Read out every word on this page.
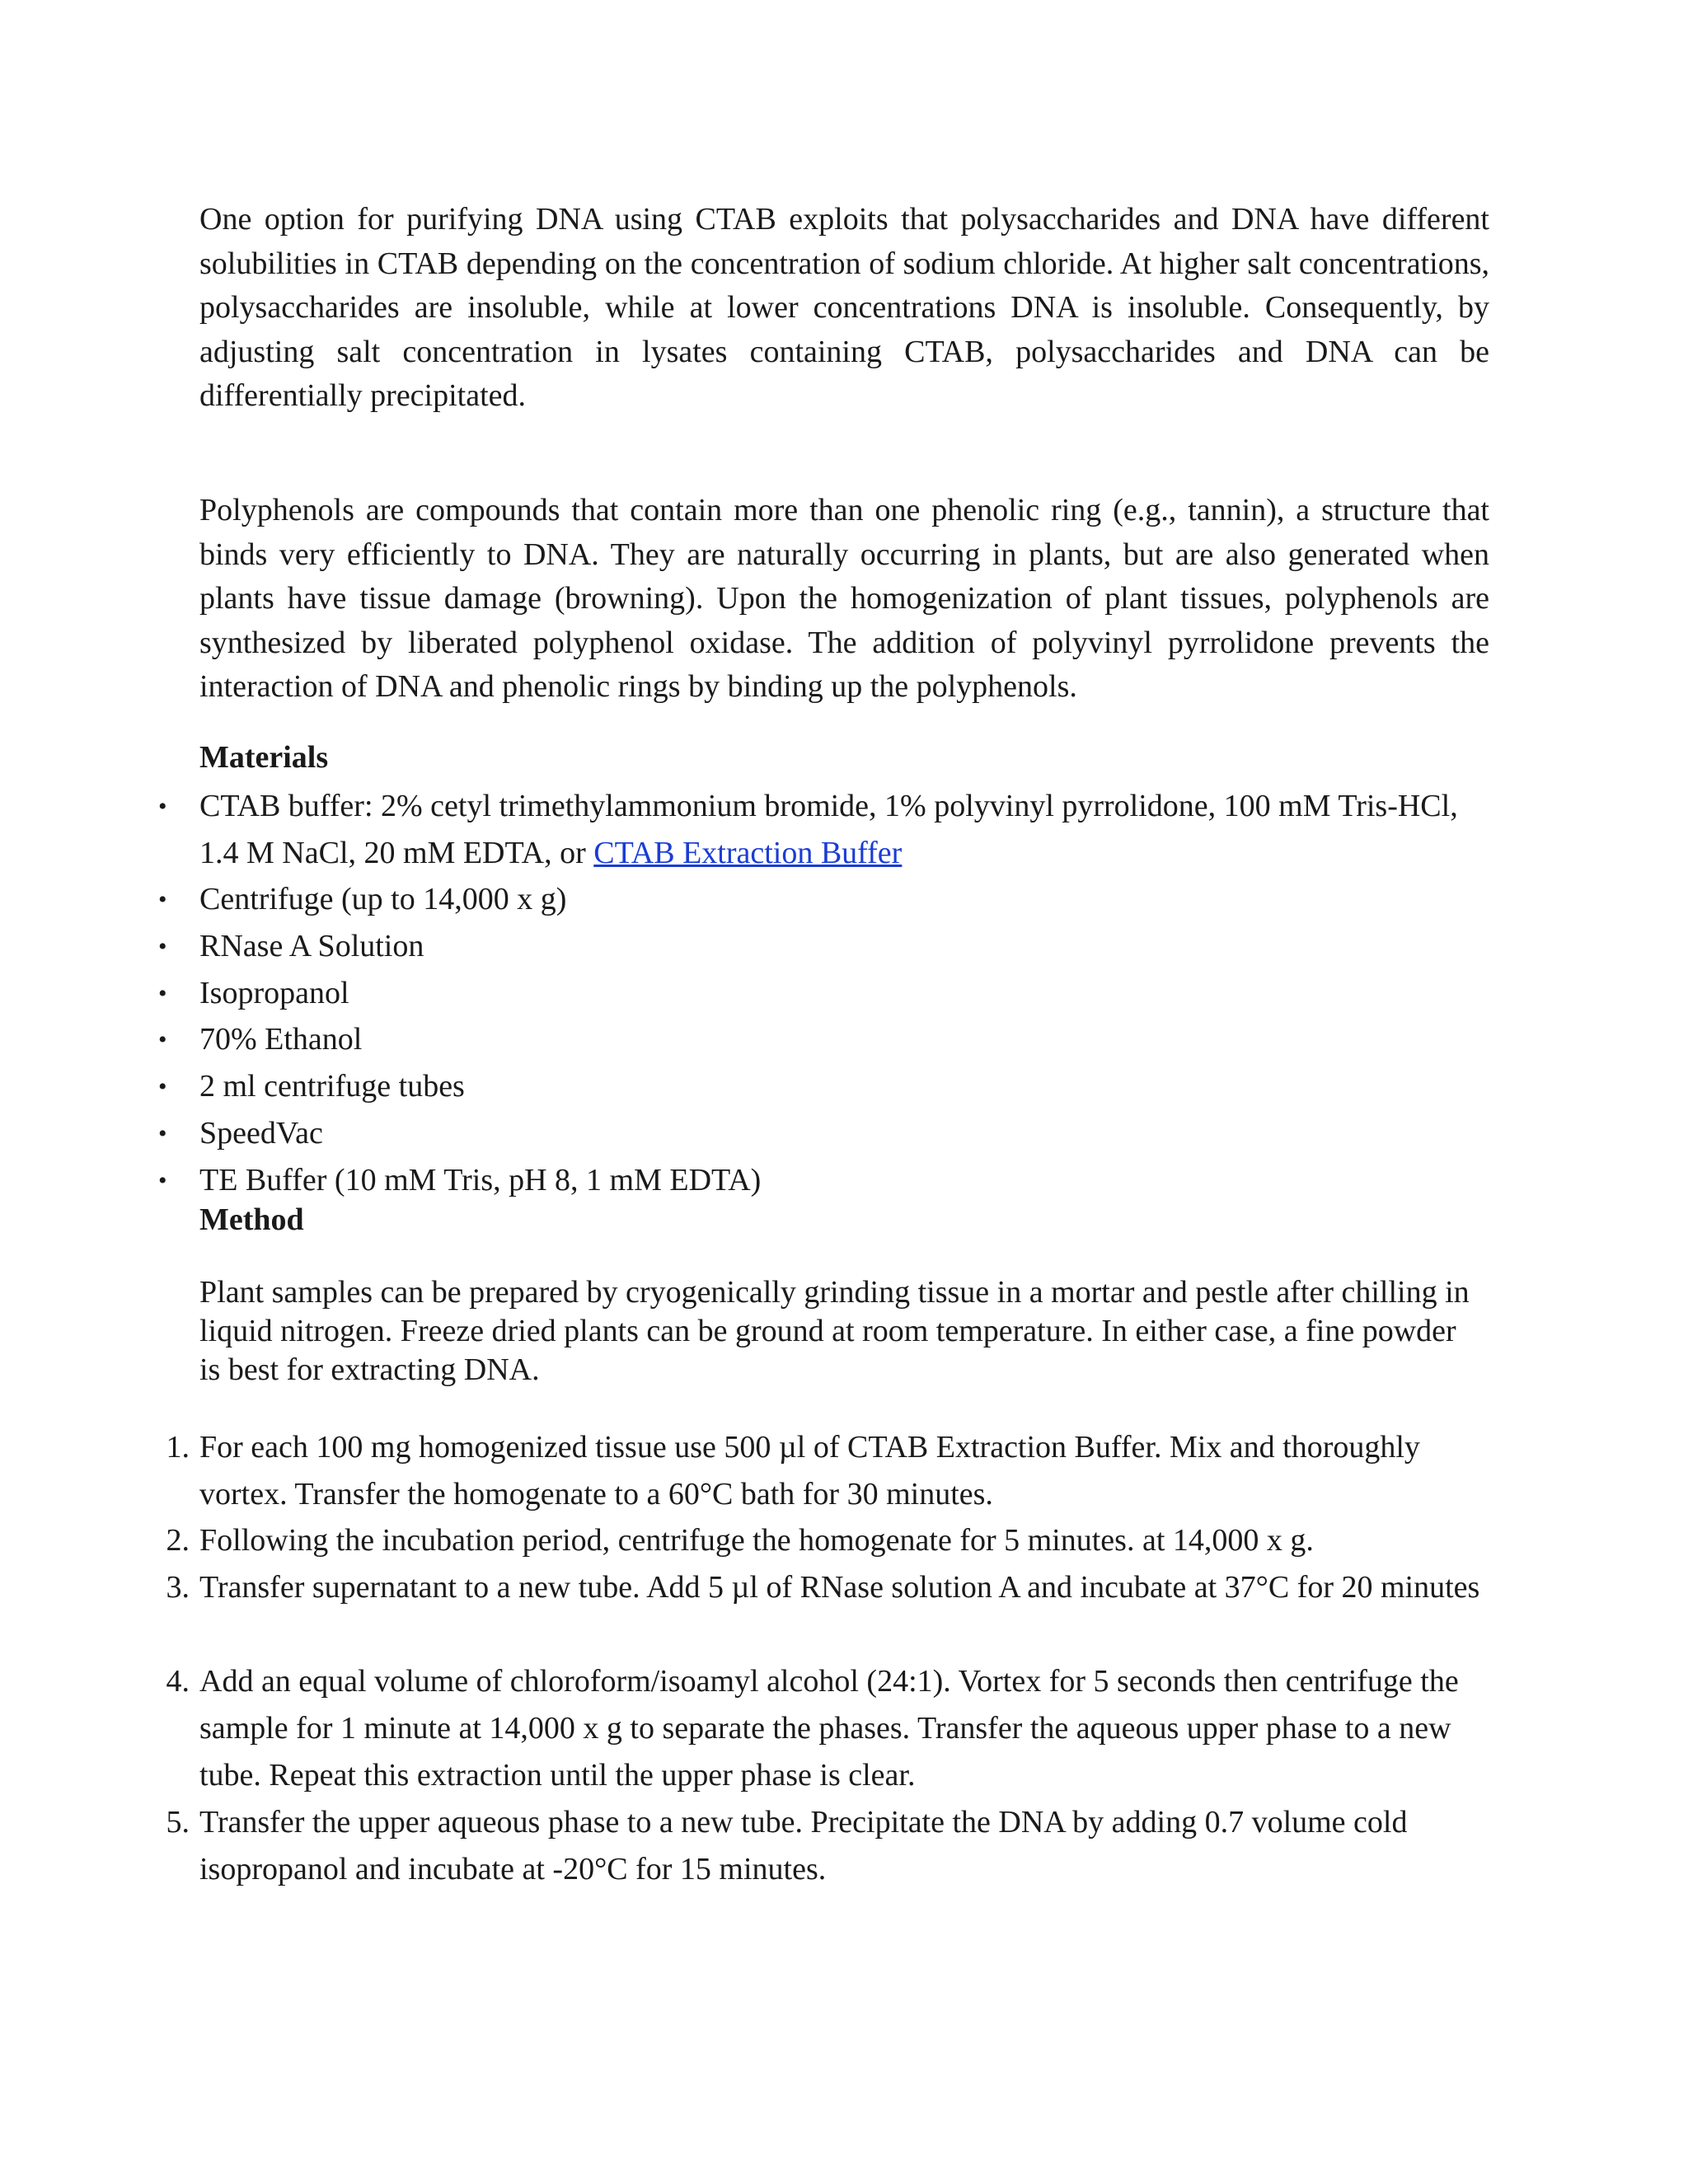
One option for purifying DNA using CTAB exploits that polysaccharides and DNA have different solubilities in CTAB depending on the concentration of sodium chloride. At higher salt concentrations, polysaccharides are insoluble, while at lower concentrations DNA is insoluble. Consequently, by adjusting salt concentration in lysates containing CTAB, polysaccharides and DNA can be differentially precipitated.

Polyphenols are compounds that contain more than one phenolic ring (e.g., tannin), a structure that binds very efficiently to DNA. They are naturally occurring in plants, but are also generated when plants have tissue damage (browning). Upon the homogenization of plant tissues, polyphenols are synthesized by liberated polyphenol oxidase. The addition of polyvinyl pyrrolidone prevents the interaction of DNA and phenolic rings by binding up the polyphenols.

Materials
• CTAB buffer: 2% cetyl trimethylammonium bromide, 1% polyvinyl pyrrolidone, 100 mM Tris-HCl, 1.4 M NaCl, 20 mM EDTA, or CTAB Extraction Buffer
• Centrifuge (up to 14,000 x g)
• RNase A Solution
• Isopropanol
• 70% Ethanol
• 2 ml centrifuge tubes
• SpeedVac
• TE Buffer (10 mM Tris, pH 8, 1 mM EDTA)
Method

Plant samples can be prepared by cryogenically grinding tissue in a mortar and pestle after chilling in liquid nitrogen. Freeze dried plants can be ground at room temperature. In either case, a fine powder is best for extracting DNA.

1. For each 100 mg homogenized tissue use 500 µl of CTAB Extraction Buffer. Mix and thoroughly vortex. Transfer the homogenate to a 60°C bath for 30 minutes.
2. Following the incubation period, centrifuge the homogenate for 5 minutes. at 14,000 x g.
3. Transfer supernatant to a new tube. Add 5 µl of RNase solution A and incubate at 37°C for 20 minutes
4. Add an equal volume of chloroform/isoamyl alcohol (24:1). Vortex for 5 seconds then centrifuge the sample for 1 minute at 14,000 x g to separate the phases. Transfer the aqueous upper phase to a new tube. Repeat this extraction until the upper phase is clear.
5. Transfer the upper aqueous phase to a new tube. Precipitate the DNA by adding 0.7 volume cold isopropanol and incubate at -20°C for 15 minutes.
